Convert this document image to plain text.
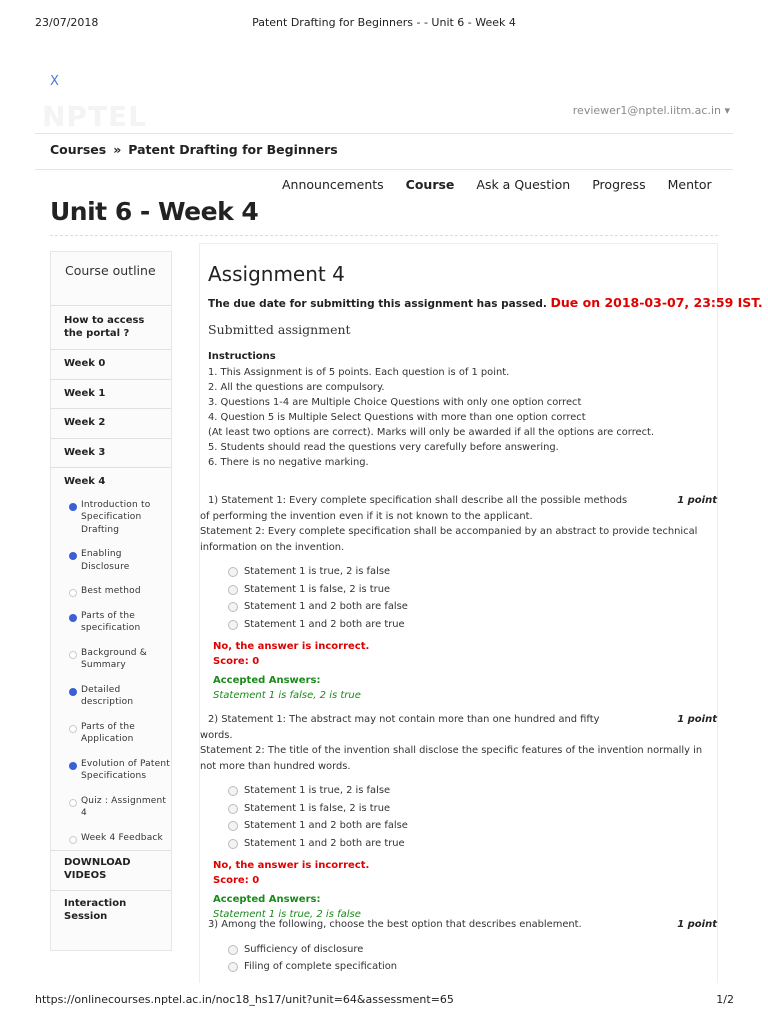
23/07/2018	Patent Drafting for Beginners - - Unit 6 - Week 4
X
NPTEL	reviewer1@nptel.iitm.ac.in ▾
Courses » Patent Drafting for Beginners
Announcements Course Ask a Question Progress Mentor
Unit 6 - Week 4
Course outline
How to access the portal ?
Week 0
Week 1
Week 2
Week 3
Week 4
Introduction to Specification Drafting
Enabling Disclosure
Best method
Parts of the specification
Background & Summary
Detailed description
Parts of the Application
Evolution of Patent Specifications
Quiz : Assignment 4
Week 4 Feedback
DOWNLOAD VIDEOS
Interaction Session
Assignment 4
The due date for submitting this assignment has passed. Due on 2018-03-07, 23:59 IST.
Submitted assignment
Instructions
1. This Assignment is of 5 points. Each question is of 1 point.
2. All the questions are compulsory.
3. Questions 1-4 are Multiple Choice Questions with only one option correct
4. Question 5 is Multiple Select Questions with more than one option correct
(At least two options are correct). Marks will only be awarded if all the options are correct.
5. Students should read the questions very carefully before answering.
6. There is no negative marking.
1) Statement 1: Every complete specification shall describe all the possible methods of performing the invention even if it is not known to the applicant.
Statement 2: Every complete specification shall be accompanied by an abstract to provide technical information on the invention.
1 point
Statement 1 is true, 2 is false
Statement 1 is false, 2 is true
Statement 1 and 2 both are false
Statement 1 and 2 both are true
No, the answer is incorrect.
Score: 0
Accepted Answers:
Statement 1 is false, 2 is true
2) Statement 1: The abstract may not contain more than one hundred and fifty words.
Statement 2: The title of the invention shall disclose the specific features of the invention normally in not more than hundred words.
1 point
Statement 1 is true, 2 is false
Statement 1 is false, 2 is true
Statement 1 and 2 both are false
Statement 1 and 2 both are true
No, the answer is incorrect.
Score: 0
Accepted Answers:
Statement 1 is true, 2 is false
3) Among the following, choose the best option that describes enablement.	1 point
Sufficiency of disclosure
Filing of complete specification
https://onlinecourses.nptel.ac.in/noc18_hs17/unit?unit=64&assessment=65	1/2
